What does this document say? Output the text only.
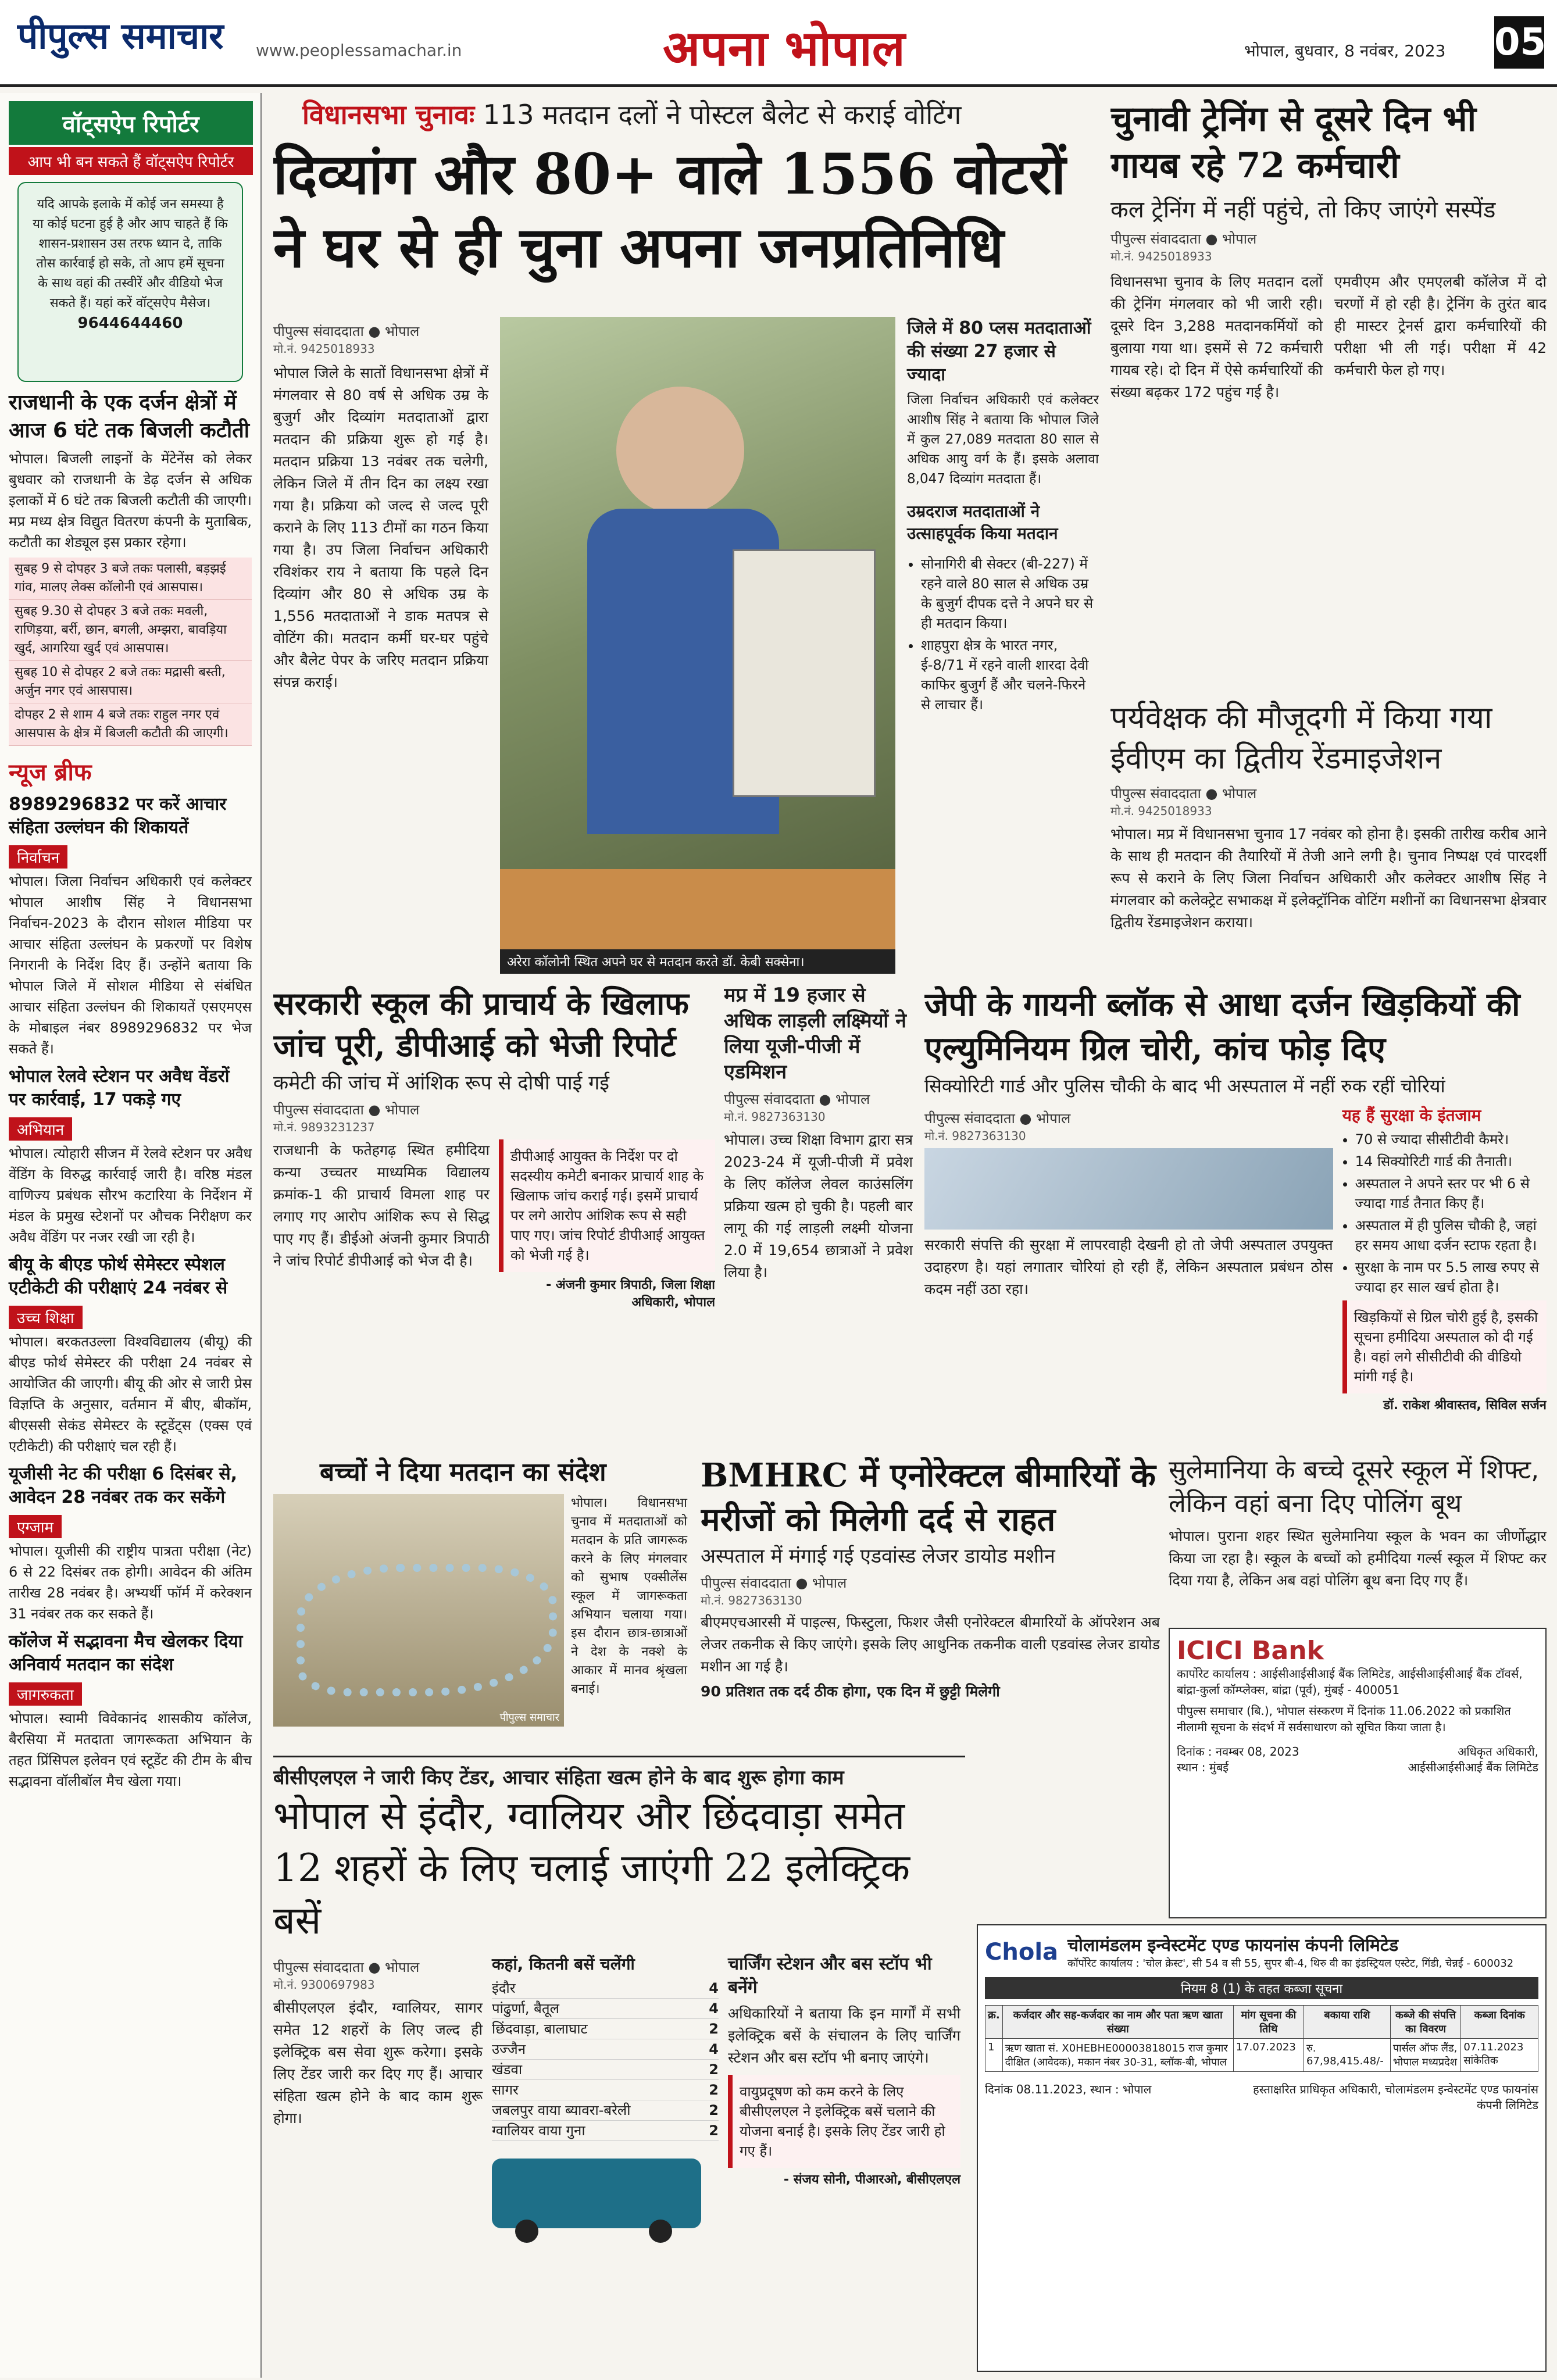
पीपुल्स समाचार www.peoplessamachar.in	अपना भोपाल	भोपाल, बुधवार, 8 नवंबर, 2023 05
वॉट्सऐप रिपोर्टर
आप भी बन सकते हैं वॉट्सऐप रिपोर्टर
यदि आपके इलाके में कोई जन समस्या है या कोई घटना हुई है और आप चाहते हैं कि शासन-प्रशासन उस तरफ ध्यान दे, ताकि तोस कार्रवाई हो सके, तो आप हमें सूचना के साथ वहां की तस्वीरें और वीडियो भेज सकते हैं। यहां करें वॉट्सऐप मैसेज।
9644644460
राजधानी के एक दर्जन क्षेत्रों में आज 6 घंटे तक बिजली कटौती
भोपाल। बिजली लाइनों के मेंटेनेंस को लेकर बुधवार को राजधानी के डेढ़ दर्जन से अधिक इलाकों में 6 घंटे तक बिजली कटौती की जाएगी। मप्र मध्य क्षेत्र विद्युत वितरण कंपनी के मुताबिक, कटौती का शेड्यूल इस प्रकार रहेगा।
सुबह 9 से दोपहर 3 बजे तकः पलासी, बड़झई गांव, मालए लेक्स कॉलोनी एवं आसपास।
सुबह 9.30 से दोपहर 3 बजे तकः मवली, राणिड़या, बर्री, छान, बगली, अम्झरा, बावड़िया खुर्द, आगरिया खुर्द एवं आसपास।
सुबह 10 से दोपहर 2 बजे तकः मद्रासी बस्ती, अर्जुन नगर एवं आसपास।
दोपहर 2 से शाम 4 बजे तकः राहुल नगर एवं आसपास के क्षेत्र में बिजली कटौती की जाएगी।
न्यूज ब्रीफ
8989296832 पर करें आचार संहिता उल्लंघन की शिकायतें
निर्वाचन
भोपाल। जिला निर्वाचन अधिकारी एवं कलेक्टर भोपाल आशीष सिंह ने विधानसभा निर्वाचन-2023 के दौरान सोशल मीडिया पर आचार संहिता उल्लंघन के प्रकरणों पर विशेष निगरानी के निर्देश दिए हैं। उन्होंने बताया कि भोपाल जिले में सोशल मीडिया से संबंधित आचार संहिता उल्लंघन की शिकायतें एसएमएस के मोबाइल नंबर 8989296832 पर भेज सकते हैं।
भोपाल रेलवे स्टेशन पर अवैध वेंडरों पर कार्रवाई, 17 पकड़े गए
अभियान
भोपाल। त्योहारी सीजन में रेलवे स्टेशन पर अवैध वेंडिंग के विरुद्ध कार्रवाई जारी है। वरिष्ठ मंडल वाणिज्य प्रबंधक सौरभ कटारिया के निर्देशन में मंडल के प्रमुख स्टेशनों पर औचक निरीक्षण कर अवैध वेंडिंग पर नजर रखी जा रही है।
बीयू के बीएड फोर्थ सेमेस्टर स्पेशल एटीकेटी की परीक्षाएं 24 नवंबर से
उच्च शिक्षा
भोपाल। बरकतउल्ला विश्वविद्यालय (बीयू) की बीएड फोर्थ सेमेस्टर की परीक्षा 24 नवंबर से आयोजित की जाएगी। बीयू की ओर से जारी प्रेस विज्ञप्ति के अनुसार, वर्तमान में बीए, बीकॉम, बीएससी सेकंड सेमेस्टर के स्टूडेंट्स (एक्स एवं एटीकेटी) की परीक्षाएं चल रही हैं।
यूजीसी नेट की परीक्षा 6 दिसंबर से, आवेदन 28 नवंबर तक कर सकेंगे
एग्जाम
भोपाल। यूजीसी की राष्ट्रीय पात्रता परीक्षा (नेट) 6 से 22 दिसंबर तक होगी। आवेदन की अंतिम तारीख 28 नवंबर है। अभ्यर्थी फॉर्म में करेक्शन 31 नवंबर तक कर सकते हैं।
कॉलेज में सद्भावना मैच खेलकर दिया अनिवार्य मतदान का संदेश
जागरुकता
भोपाल। स्वामी विवेकानंद शासकीय कॉलेज, बैरसिया में मतदाता जागरूकता अभियान के तहत प्रिंसिपल इलेवन एवं स्टूडेंट की टीम के बीच सद्भावना वॉलीबॉल मैच खेला गया।
विधानसभा चुनावः 113 मतदान दलों ने पोस्टल बैलेट से कराई वोटिंग
दिव्यांग और 80+ वाले 1556 वोटरों ने घर से ही चुना अपना जनप्रतिनिधि
पीपुल्स संवाददाता ● भोपाल
मो.नं. 9425018933
भोपाल जिले के सातों विधानसभा क्षेत्रों में मंगलवार से 80 वर्ष से अधिक उम्र के बुजुर्ग और दिव्यांग मतदाताओं द्वारा मतदान की प्रक्रिया शुरू हो गई है। मतदान प्रक्रिया 13 नवंबर तक चलेगी, लेकिन जिले में तीन दिन का लक्ष्य रखा गया है। प्रक्रिया को जल्द से जल्द पूरी कराने के लिए 113 टीमों का गठन किया गया है। उप जिला निर्वाचन अधिकारी रविशंकर राय ने बताया कि पहले दिन दिव्यांग और 80 से अधिक उम्र के 1,556 मतदाताओं ने डाक मतपत्र से वोटिंग की। मतदान कर्मी घर-घर पहुंचे और बैलेट पेपर के जरिए मतदान प्रक्रिया संपन्न कराई।
अरेरा कॉलोनी स्थित अपने घर से मतदान करते डॉ. केबी सक्सेना।
जिले में 80 प्लस मतदाताओं की संख्या 27 हजार से ज्यादा
जिला निर्वाचन अधिकारी एवं कलेक्टर आशीष सिंह ने बताया कि भोपाल जिले में कुल 27,089 मतदाता 80 साल से अधिक आयु वर्ग के हैं। इसके अलावा 8,047 दिव्यांग मतदाता हैं।
उम्रदराज मतदाताओं ने उत्साहपूर्वक किया मतदान
• सोनागिरी बी सेक्टर (बी-227) में रहने वाले 80 साल से अधिक उम्र के बुजुर्ग दीपक दत्ते ने अपने घर से ही मतदान किया।
• शाहपुरा क्षेत्र के भारत नगर, ई-8/71 में रहने वाली शारदा देवी काफिर बुजुर्ग हैं और चलने-फिरने से लाचार हैं।
चुनावी ट्रेनिंग से दूसरे दिन भी गायब रहे 72 कर्मचारी
कल ट्रेनिंग में नहीं पहुंचे, तो किए जाएंगे सस्पेंड
पीपुल्स संवाददाता ● भोपाल
मो.नं. 9425018933
विधानसभा चुनाव के लिए मतदान दलों की ट्रेनिंग मंगलवार को भी जारी रही। दूसरे दिन 3,288 मतदानकर्मियों को बुलाया गया था। इसमें से 72 कर्मचारी गायब रहे। दो दिन में ऐसे कर्मचारियों की संख्या बढ़कर 172 पहुंच गई है।
एमवीएम और एमएलबी कॉलेज में दो चरणों में हो रही है। ट्रेनिंग के तुरंत बाद ही मास्टर ट्रेनर्स द्वारा कर्मचारियों की परीक्षा भी ली गई। परीक्षा में 42 कर्मचारी फेल हो गए।
पर्यवेक्षक की मौजूदगी में किया गया ईवीएम का द्वितीय रेंडमाइजेशन
पीपुल्स संवाददाता ● भोपाल
मो.नं. 9425018933
भोपाल। मप्र में विधानसभा चुनाव 17 नवंबर को होना है। इसकी तारीख करीब आने के साथ ही मतदान की तैयारियों में तेजी आने लगी है। चुनाव निष्पक्ष एवं पारदर्शी रूप से कराने के लिए जिला निर्वाचन अधिकारी और कलेक्टर आशीष सिंह ने मंगलवार को कलेक्ट्रेट सभाकक्ष में इलेक्ट्रॉनिक वोटिंग मशीनों का विधानसभा क्षेत्रवार द्वितीय रेंडमाइजेशन कराया।
सरकारी स्कूल की प्राचार्य के खिलाफ जांच पूरी, डीपीआई को भेजी रिपोर्ट
कमेटी की जांच में आंशिक रूप से दोषी पाई गई
पीपुल्स संवाददाता ● भोपाल
मो.नं. 9893231237
राजधानी के फतेहगढ़ स्थित हमीदिया कन्या उच्चतर माध्यमिक विद्यालय क्रमांक-1 की प्राचार्य विमला शाह पर लगाए गए आरोप आंशिक रूप से सिद्ध पाए गए हैं। डीईओ अंजनी कुमार त्रिपाठी ने जांच रिपोर्ट डीपीआई को भेज दी है।
डीपीआई आयुक्त के निर्देश पर दो सदस्यीय कमेटी बनाकर प्राचार्य शाह के खिलाफ जांच कराई गई। इसमें प्राचार्य पर लगे आरोप आंशिक रूप से सही पाए गए। जांच रिपोर्ट डीपीआई आयुक्त को भेजी गई है।
- अंजनी कुमार त्रिपाठी, जिला शिक्षा अधिकारी, भोपाल
मप्र में 19 हजार से अधिक लाड़ली लक्ष्मियों ने लिया यूजी-पीजी में एडमिशन
पीपुल्स संवाददाता ● भोपाल
मो.नं. 9827363130
भोपाल। उच्च शिक्षा विभाग द्वारा सत्र 2023-24 में यूजी-पीजी में प्रवेश के लिए कॉलेज लेवल काउंसलिंग प्रक्रिया खत्म हो चुकी है। पहली बार लागू की गई लाड़ली लक्ष्मी योजना 2.0 में 19,654 छात्राओं ने प्रवेश लिया है।
जेपी के गायनी ब्लॉक से आधा दर्जन खिड़कियों की एल्युमिनियम ग्रिल चोरी, कांच फोड़ दिए
सिक्योरिटी गार्ड और पुलिस चौकी के बाद भी अस्पताल में नहीं रुक रहीं चोरियां
पीपुल्स संवाददाता ● भोपाल
मो.नं. 9827363130
सरकारी संपत्ति की सुरक्षा में लापरवाही देखनी हो तो जेपी अस्पताल उपयुक्त उदाहरण है। यहां लगातार चोरियां हो रही हैं, लेकिन अस्पताल प्रबंधन ठोस कदम नहीं उठा रहा।
यह हैं सुरक्षा के इंतजाम
• 70 से ज्यादा सीसीटीवी कैमरे।
• 14 सिक्योरिटी गार्ड की तैनाती।
• अस्पताल ने अपने स्तर पर भी 6 से ज्यादा गार्ड तैनात किए हैं।
• अस्पताल में ही पुलिस चौकी है, जहां हर समय आधा दर्जन स्टाफ रहता है।
• सुरक्षा के नाम पर 5.5 लाख रुपए से ज्यादा हर साल खर्च होता है।
खिड़कियों से ग्रिल चोरी हुई है, इसकी सूचना हमीदिया अस्पताल को दी गई है। वहां लगे सीसीटीवी की वीडियो मांगी गई है।
डॉ. राकेश श्रीवास्तव, सिविल सर्जन
बच्चों ने दिया मतदान का संदेश
पीपुल्स समाचार
भोपाल। विधानसभा चुनाव में मतदाताओं को मतदान के प्रति जागरूक करने के लिए मंगलवार को सुभाष एक्सीलेंस स्कूल में जागरूकता अभियान चलाया गया। इस दौरान छात्र-छात्राओं ने देश के नक्शे के आकार में मानव श्रृंखला बनाई।
BMHRC में एनोरेक्टल बीमारियों के मरीजों को मिलेगी दर्द से राहत
अस्पताल में मंगाई गई एडवांस्ड लेजर डायोड मशीन
पीपुल्स संवाददाता ● भोपाल
मो.नं. 9827363130
बीएमएचआरसी में पाइल्स, फिस्टुला, फिशर जैसी एनोरेक्टल बीमारियों के ऑपरेशन अब लेजर तकनीक से किए जाएंगे। इसके लिए आधुनिक तकनीक वाली एडवांस्ड लेजर डायोड मशीन आ गई है।
90 प्रतिशत तक दर्द ठीक होगा, एक दिन में छुट्टी मिलेगी
सुलेमानिया के बच्चे दूसरे स्कूल में शिफ्ट, लेकिन वहां बना दिए पोलिंग बूथ
भोपाल। पुराना शहर स्थित सुलेमानिया स्कूल के भवन का जीर्णोद्धार किया जा रहा है। स्कूल के बच्चों को हमीदिया गर्ल्स स्कूल में शिफ्ट कर दिया गया है, लेकिन अब वहां पोलिंग बूथ बना दिए गए हैं।
ICICI Bank
कार्पोरेट कार्यालय : आईसीआईसीआई बैंक लिमिटेड, आईसीआईसीआई बैंक टॉवर्स, बांद्रा-कुर्ला कॉम्प्लेक्स, बांद्रा (पूर्व), मुंबई - 400051
पीपुल्स समाचार (बि.), भोपाल संस्करण में दिनांक 11.06.2022 को प्रकाशित नीलामी सूचना के संदर्भ में सर्वसाधारण को सूचित किया जाता है।
दिनांक : नवम्बर 08, 2023
स्थान : मुंबई
अधिकृत अधिकारी, आईसीआईसीआई बैंक लिमिटेड
बीसीएलएल ने जारी किए टेंडर, आचार संहिता खत्म होने के बाद शुरू होगा काम
भोपाल से इंदौर, ग्वालियर और छिंदवाड़ा समेत 12 शहरों के लिए चलाई जाएंगी 22 इलेक्ट्रिक बसें
पीपुल्स संवाददाता ● भोपाल
मो.नं. 9300697983
बीसीएलएल इंदौर, ग्वालियर, सागर समेत 12 शहरों के लिए जल्द ही इलेक्ट्रिक बस सेवा शुरू करेगा। इसके लिए टेंडर जारी कर दिए गए हैं। आचार संहिता खत्म होने के बाद काम शुरू होगा।
कहां, कितनी बसें चलेंगी
इंदौर	4
पांढुर्णा, बैतूल	4
छिंदवाड़ा, बालाघाट	2
उज्जैन	4
खंडवा	2
सागर	2
जबलपुर वाया ब्यावरा-बरेली	2
ग्वालियर वाया गुना	2
चार्जिंग स्टेशन और बस स्टॉप भी बनेंगे
अधिकारियों ने बताया कि इन मार्गों में सभी इलेक्ट्रिक बसें के संचालन के लिए चार्जिंग स्टेशन और बस स्टॉप भी बनाए जाएंगे।
वायुप्रदूषण को कम करने के लिए बीसीएलएल ने इलेक्ट्रिक बसें चलाने की योजना बनाई है। इसके लिए टेंडर जारी हो गए हैं।
- संजय सोनी, पीआरओ, बीसीएलएल
Chola चोलामंडलम इन्वेस्टमेंट एण्ड फायनांस कंपनी लिमिटेड
कॉर्पोरेट कार्यालय : 'चोल क्रेस्ट', सी 54 व सी 55, सुपर बी-4, थिरु वी का इंडस्ट्रियल एस्टेट, गिंडी, चेन्नई - 600032
नियम 8 (1) के तहत कब्जा सूचना
क्र.	कर्जदार और सह-कर्जदार का नाम और पता ऋण खाता संख्या	मांग सूचना की तिथि	बकाया राशि	कब्जे की संपत्ति का विवरण	कब्जा दिनांक
1	ऋण खाता सं. X0HEBHE00003818015 राज कुमार दीक्षित (आवेदक), मकान नंबर 30-31, ब्लॉक-बी, भोपाल	17.07.2023	रु. 67,98,415.48/-	पार्सल ऑफ लैंड, भोपाल मध्यप्रदेश	07.11.2023 सांकेतिक
दिनांक 08.11.2023, स्थान : भोपाल	हस्ताक्षरित प्राधिकृत अधिकारी, चोलामंडलम इन्वेस्टमेंट एण्ड फायनांस कंपनी लिमिटेड
